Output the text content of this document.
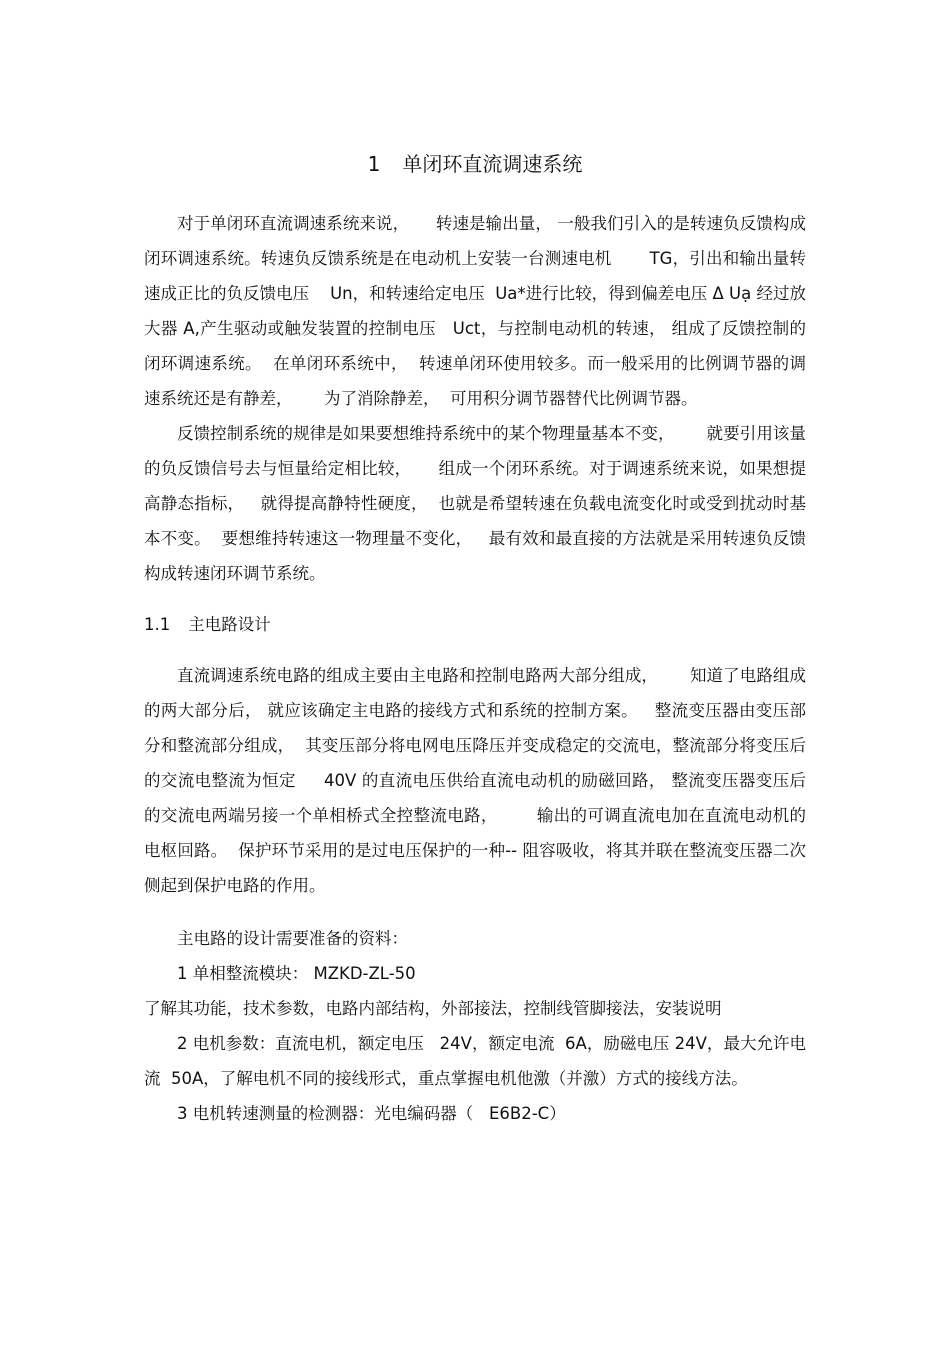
1 单闭环直流调速系统

对于单闭环直流调速系统来说，     转速是输出量， 一般我们引入的是转速负反馈构成闭环调速系统。转速负反馈系统是在电动机上安装一台测速电机       TG，引出和输出量转速成正比的负反馈电压    Un，和转速给定电压  Ua*进行比较，得到偏差电压 Δ Uạ 经过放大器 A,产生驱动或触发装置的控制电压   Uct，与控制电动机的转速， 组成了反馈控制的闭环调速系统。  在单闭环系统中，  转速单闭环使用较多。而一般采用的比例调节器的调速系统还是有静差，      为了消除静差，  可用积分调节器替代比例调节器。

反馈控制系统的规律是如果要想维持系统中的某个物理量基本不变，      就要引用该量的负反馈信号去与恒量给定相比较，     组成一个闭环系统。对于调速系统来说，如果想提高静态指标，   就得提高静特性硬度，  也就是希望转速在负载电流变化时或受到扰动时基本不变。  要想维持转速这一物理量不变化，   最有效和最直接的方法就是采用转速负反馈构成转速闭环调节系统。

1.1 主电路设计

直流调速系统电路的组成主要由主电路和控制电路两大部分组成，      知道了电路组成的两大部分后， 就应该确定主电路的接线方式和系统的控制方案。   整流变压器由变压部分和整流部分组成，  其变压部分将电网电压降压并变成稳定的交流电，整流部分将变压后的交流电整流为恒定     40V 的直流电压供给直流电动机的励磁回路， 整流变压器变压后的交流电两端另接一个单相桥式全控整流电路，       输出的可调直流电加在直流电动机的电枢回路。  保护环节采用的是过电压保护的一种-- 阻容吸收，将其并联在整流变压器二次侧起到保护电路的作用。

主电路的设计需要准备的资料：

1 单相整流模块： MZKD-ZL-50

了解其功能，技术参数，电路内部结构，外部接法，控制线管脚接法，安装说明

2 电机参数：直流电机，额定电压   24V，额定电流  6A，励磁电压 24V，最大允许电流  50A，了解电机不同的接线形式，重点掌握电机他激（并激）方式的接线方法。

3 电机转速测量的检测器：光电编码器（   E6B2-C）
